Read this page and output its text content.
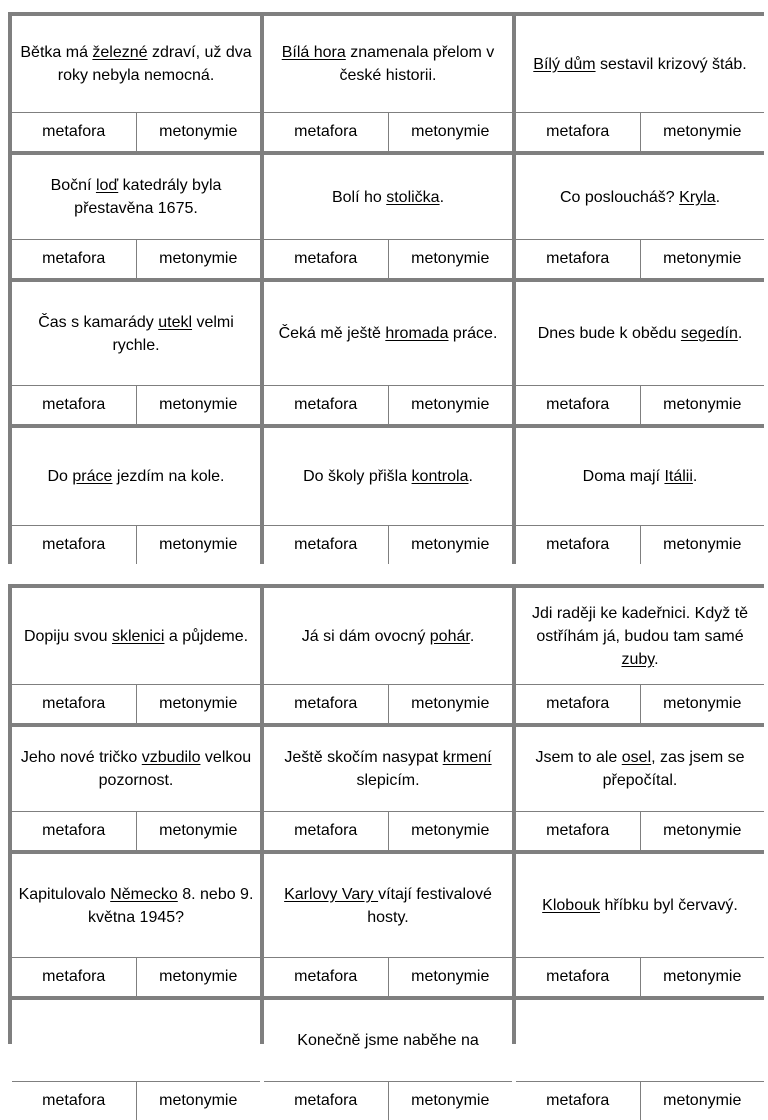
Bětka má železné zdraví, už dva roky nebyla nemocná.
metafora	metonymie
Bílá hora znamenala přelom v české historii.
metafora	metonymie
Bílý dům sestavil krizový štáb.
metafora	metonymie
Boční loď katedrály byla přestavěna 1675.
metafora	metonymie
Bolí ho stolička.
metafora	metonymie
Co posloucháš? Kryla.
metafora	metonymie
Čas s kamarády utekl velmi rychle.
metafora	metonymie
Čeká mě ještě hromada práce.
metafora	metonymie
Dnes bude k obědu segedín.
metafora	metonymie
Do práce jezdím na kole.
metafora	metonymie
Do školy přišla kontrola.
metafora	metonymie
Doma mají Itálii.
metafora	metonymie
Dopiju svou sklenici a půjdeme.
metafora	metonymie
Já si dám ovocný pohár.
metafora	metonymie
Jdi raději ke kadeřnici. Když tě ostříhám já, budou tam samé zuby.
metafora	metonymie
Jeho nové tričko vzbudilo velkou pozornost.
metafora	metonymie
Ještě skočím nasypat krmení slepicím.
metafora	metonymie
Jsem to ale osel, zas jsem se přepočítal.
metafora	metonymie
Kapitulovalo Německo 8. nebo 9. května 1945?
metafora	metonymie
Karlovy Vary vítají festivalové hosty.
metafora	metonymie
Klobouk hříbku byl červavý.
metafora	metonymie
metafora	metonymie
Konečně jsme naběhe na
metafora	metonymie	metafora	metonymie
